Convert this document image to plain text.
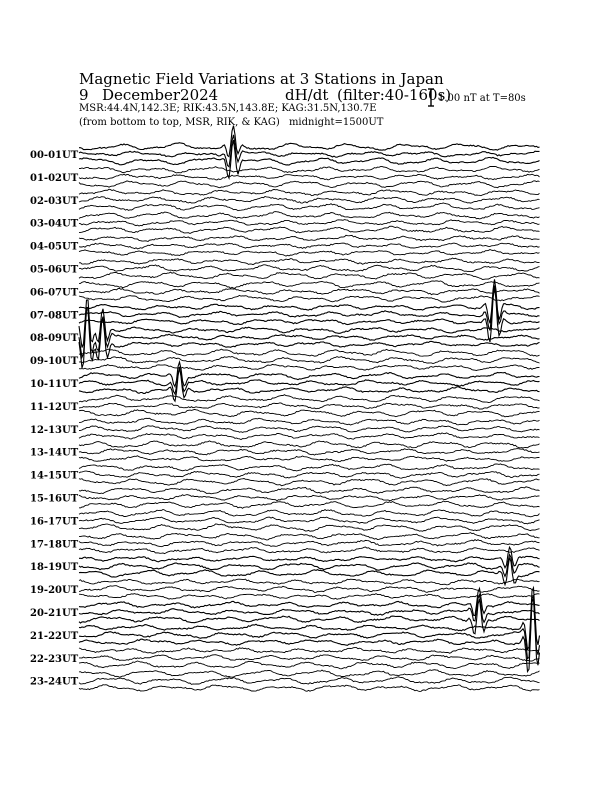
Magnetic Field Variations at 3 Stations in Japan
9 December2024	dH/dt (filter:40-160s)
MSR:44.4N,142.3E; RIK:43.5N,143.8E; KAG:31.5N,130.7E
(from bottom to top, MSR, RIK, & KAG) midnight=1500UT
1.00 nT at T=80s
00-01UT
01-02UT
02-03UT
03-04UT
04-05UT
05-06UT
06-07UT
07-08UT
08-09UT
09-10UT
10-11UT
11-12UT
12-13UT
13-14UT
14-15UT
15-16UT
16-17UT
17-18UT
18-19UT
19-20UT
20-21UT
21-22UT
22-23UT
23-24UT
